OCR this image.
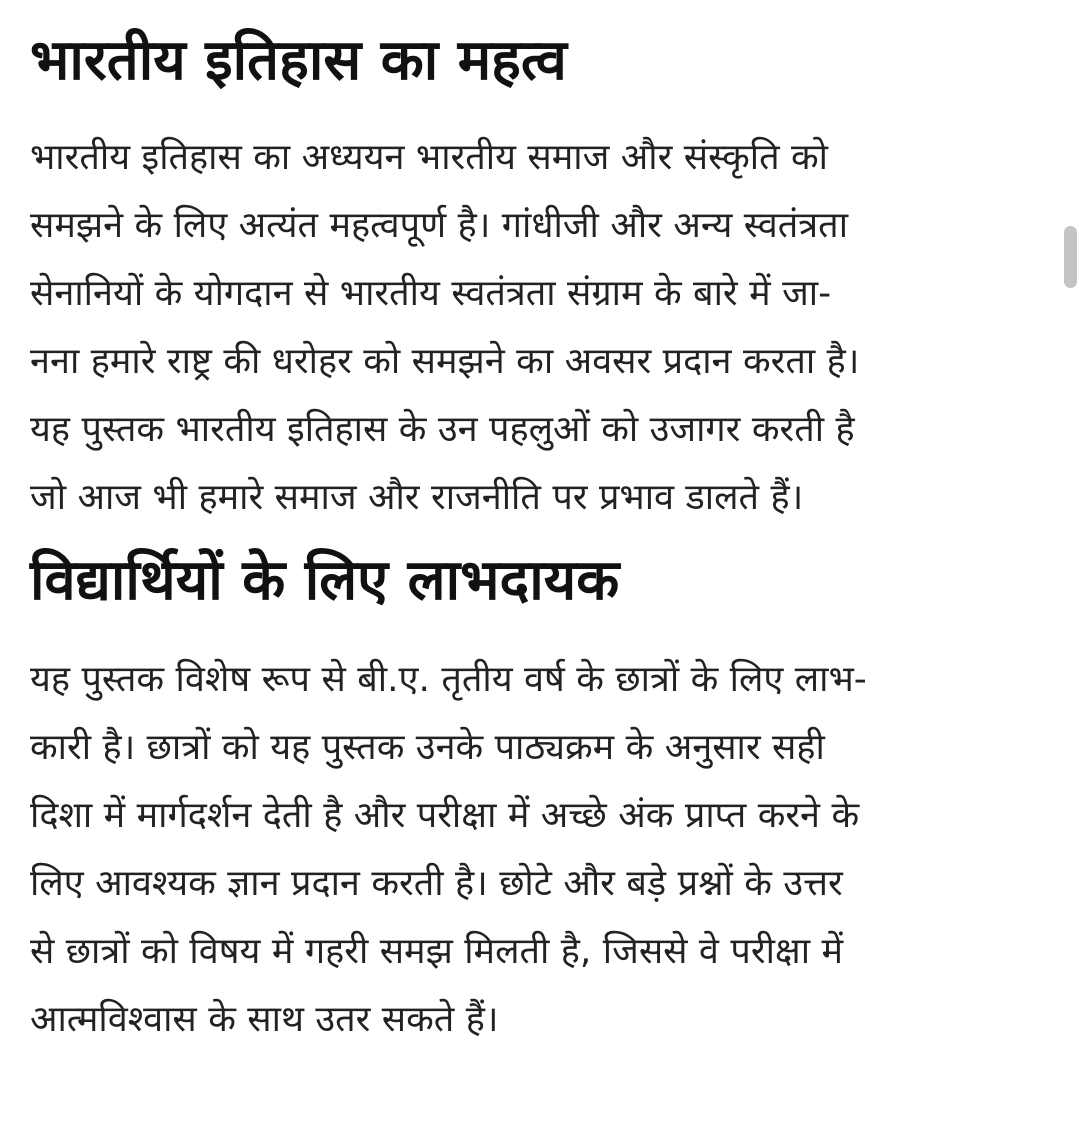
भारतीय इतिहास का महत्व
भारतीय इतिहास का अध्ययन भारतीय समाज और संस्कृति को
समझने के लिए अत्यंत महत्वपूर्ण है। गांधीजी और अन्य स्वतंत्रता
सेनानियों के योगदान से भारतीय स्वतंत्रता संग्राम के बारे में जा-
नना हमारे राष्ट्र की धरोहर को समझने का अवसर प्रदान करता है।
यह पुस्तक भारतीय इतिहास के उन पहलुओं को उजागर करती है
जो आज भी हमारे समाज और राजनीति पर प्रभाव डालते हैं।
विद्यार्थियों के लिए लाभदायक
यह पुस्तक विशेष रूप से बी.ए. तृतीय वर्ष के छात्रों के लिए लाभ-
कारी है। छात्रों को यह पुस्तक उनके पाठ्यक्रम के अनुसार सही
दिशा में मार्गदर्शन देती है और परीक्षा में अच्छे अंक प्राप्त करने के
लिए आवश्यक ज्ञान प्रदान करती है। छोटे और बड़े प्रश्नों के उत्तर
से छात्रों को विषय में गहरी समझ मिलती है, जिससे वे परीक्षा में
आत्मविश्वास के साथ उतर सकते हैं।
